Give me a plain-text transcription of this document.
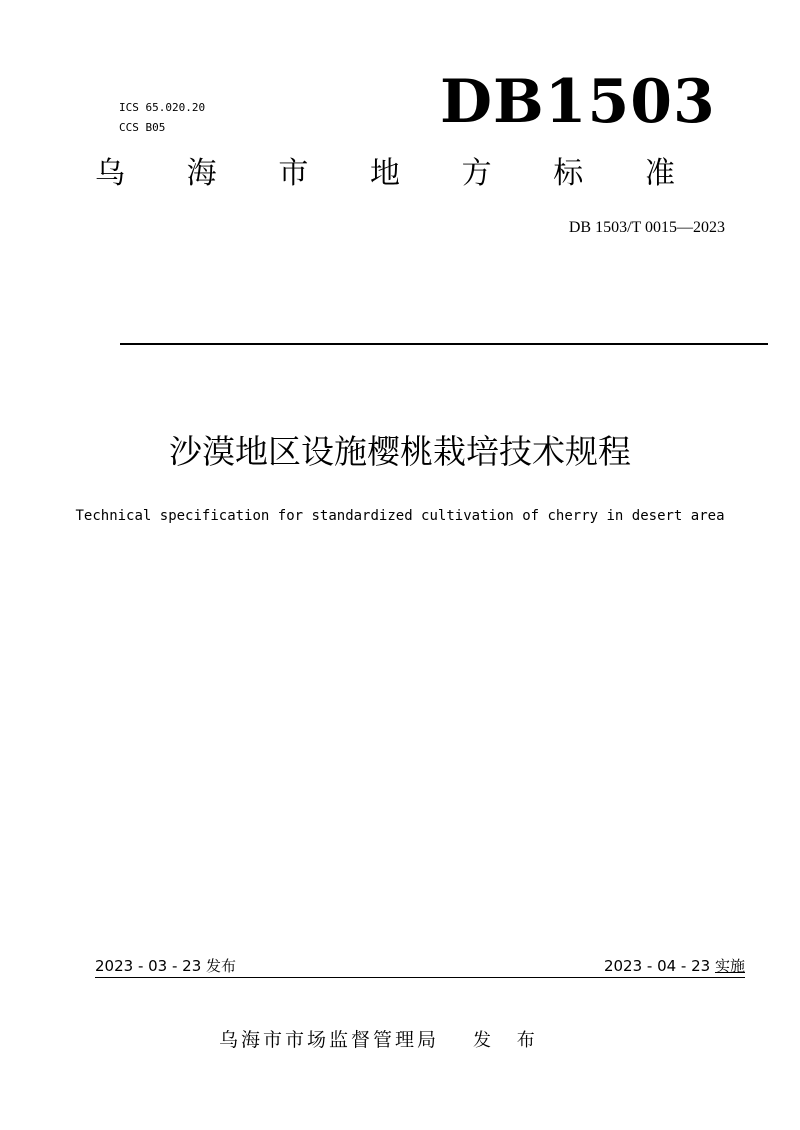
ICS 65.020.20
CCS B05	DB1503
乌 海 市 地 方 标 准
DB 1503/T 0015—2023
沙漠地区设施樱桃栽培技术规程
Technical specification for standardized cultivation of cherry in desert area
2023 - 03 - 23 发布	2023 - 04 - 23 实施
乌海市市场监督管理局 发 布
